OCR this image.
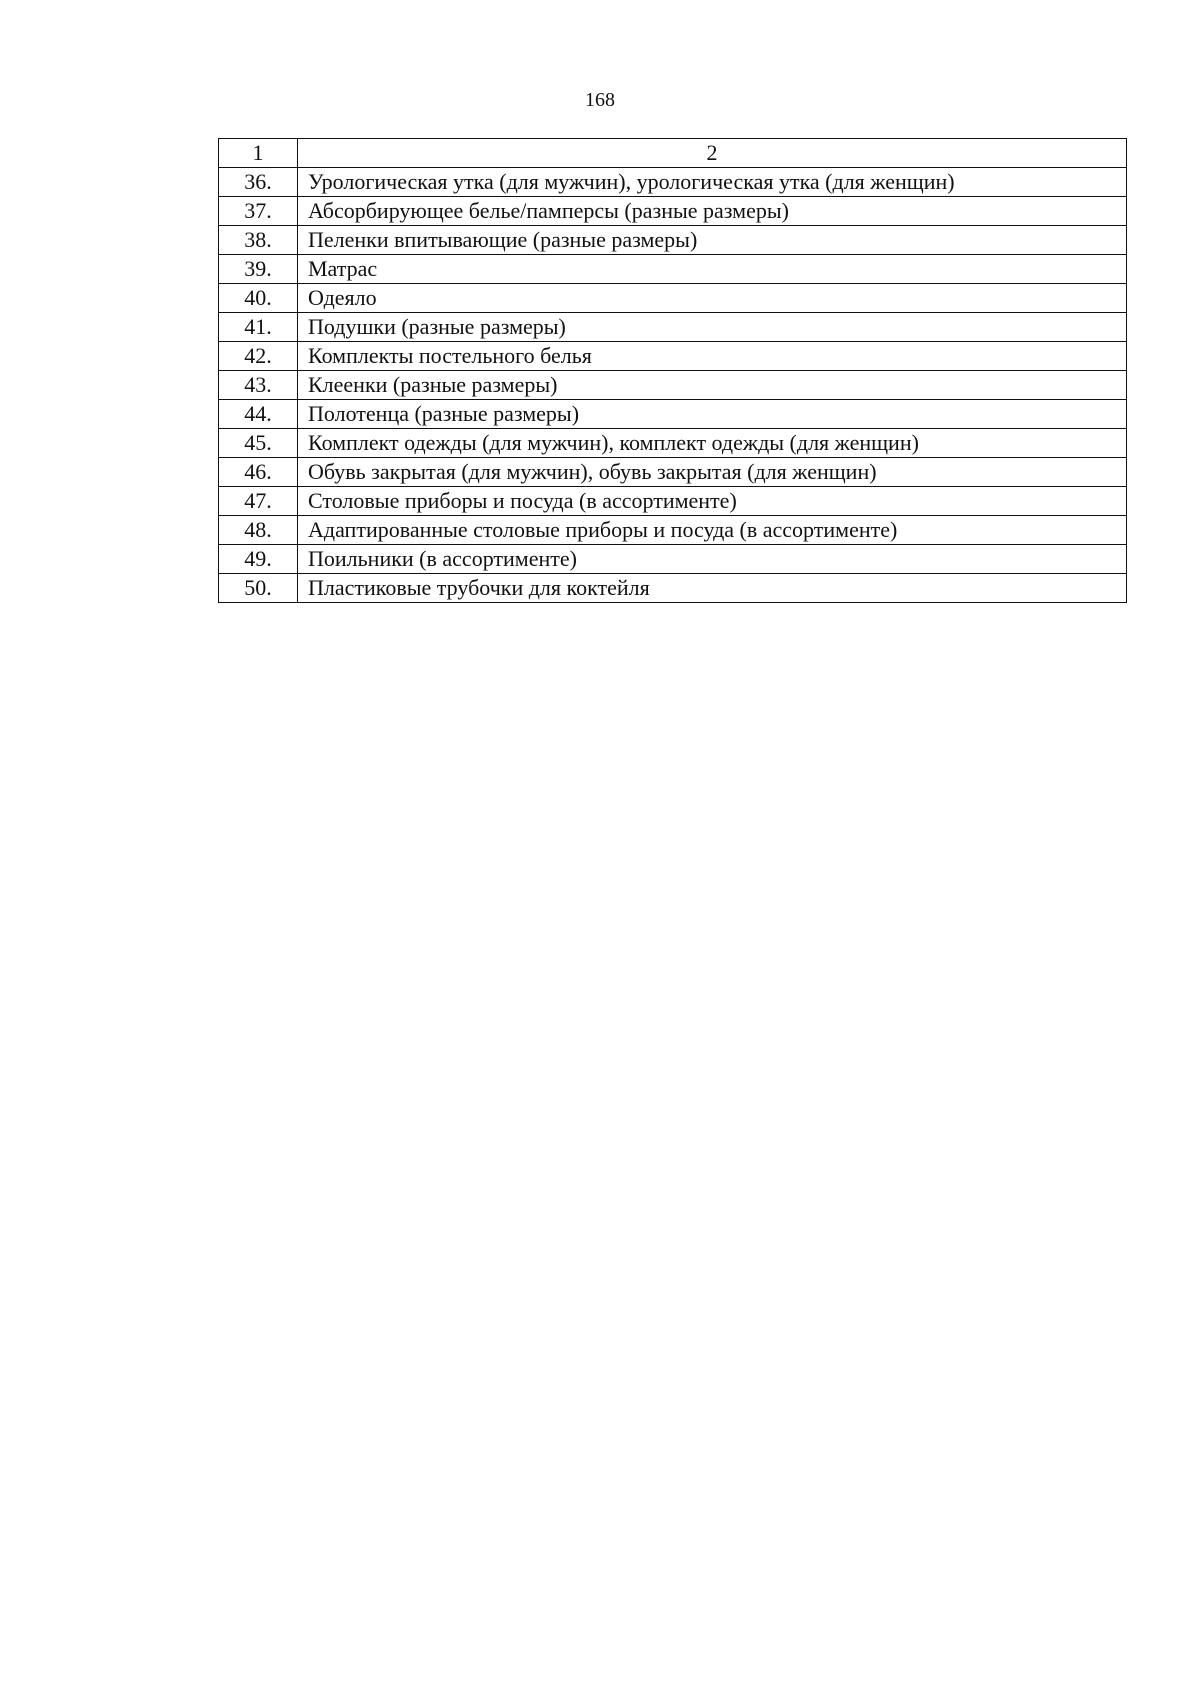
168
1	2
36.	Урологическая утка (для мужчин), урологическая утка (для женщин)
37.	Абсорбирующее белье/памперсы (разные размеры)
38.	Пеленки впитывающие (разные размеры)
39.	Матрас
40.	Одеяло
41.	Подушки (разные размеры)
42.	Комплекты постельного белья
43.	Клеенки (разные размеры)
44.	Полотенца (разные размеры)
45.	Комплект одежды (для мужчин), комплект одежды (для женщин)
46.	Обувь закрытая (для мужчин), обувь закрытая (для женщин)
47.	Столовые приборы и посуда (в ассортименте)
48.	Адаптированные столовые приборы и посуда (в ассортименте)
49.	Поильники (в ассортименте)
50.	Пластиковые трубочки для коктейля
